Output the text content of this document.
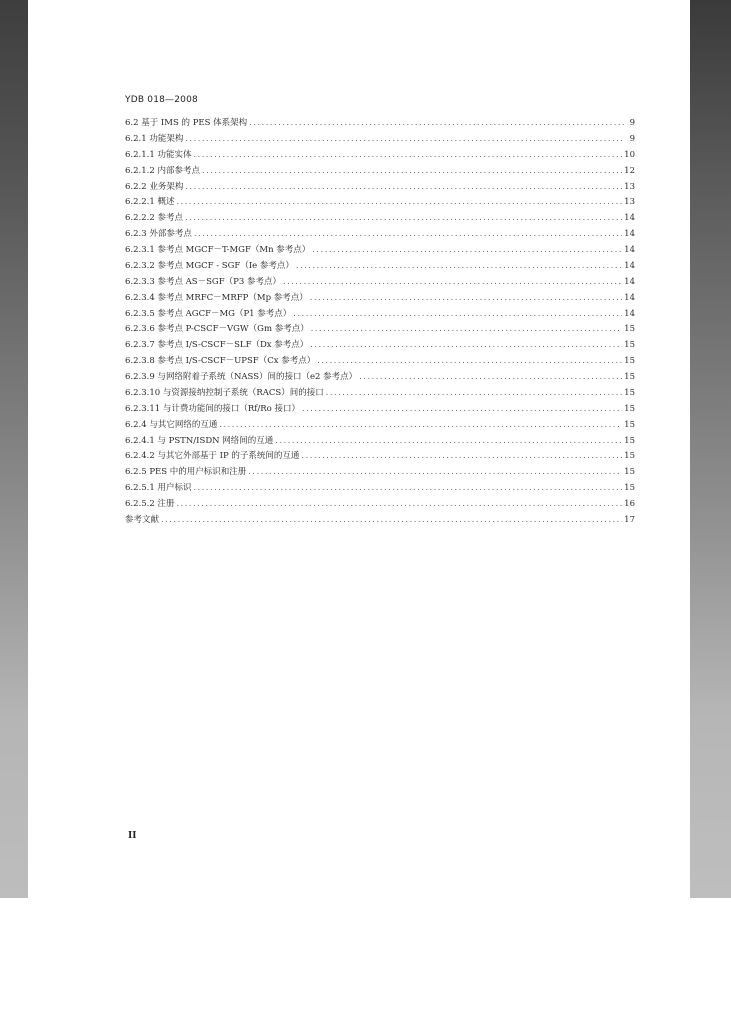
YDB 018—2008
6.2 基于 IMS 的 PES 体系架构 .....	9
6.2.1 功能架构 .....	9
6.2.1.1 功能实体 .....	10
6.2.1.2 内部参考点 .....	12
6.2.2 业务架构 .....	13
6.2.2.1 概述 .....	13
6.2.2.2 参考点 .....	14
6.2.3 外部参考点 .....	14
6.2.3.1 参考点 MGCF－T-MGF（Mn 参考点） .....	14
6.2.3.2 参考点 MGCF - SGF（Ie 参考点） .....	14
6.2.3.3 参考点 AS－SGF（P3 参考点） .....	14
6.2.3.4 参考点 MRFC－MRFP（Mp 参考点） .....	14
6.2.3.5 参考点 AGCF－MG（P1 参考点） .....	14
6.2.3.6 参考点 P-CSCF－VGW（Gm 参考点） .....	15
6.2.3.7 参考点 I/S-CSCF－SLF（Dx 参考点） .....	15
6.2.3.8 参考点 I/S-CSCF－UPSF（Cx 参考点） .....	15
6.2.3.9 与网络附着子系统（NASS）间的接口（e2 参考点） .....	15
6.2.3.10 与资源接纳控制子系统（RACS）间的接口 .....	15
6.2.3.11 与计费功能间的接口（Rf/Ro 接口） .....	15
6.2.4 与其它网络的互通 .....	15
6.2.4.1 与 PSTN/ISDN 网络间的互通 .....	15
6.2.4.2 与其它外部基于 IP 的子系统间的互通 .....	15
6.2.5 PES 中的用户标识和注册 .....	15
6.2.5.1 用户标识 .....	15
6.2.5.2 注册 .....	16
参考文献 .....	17
II
